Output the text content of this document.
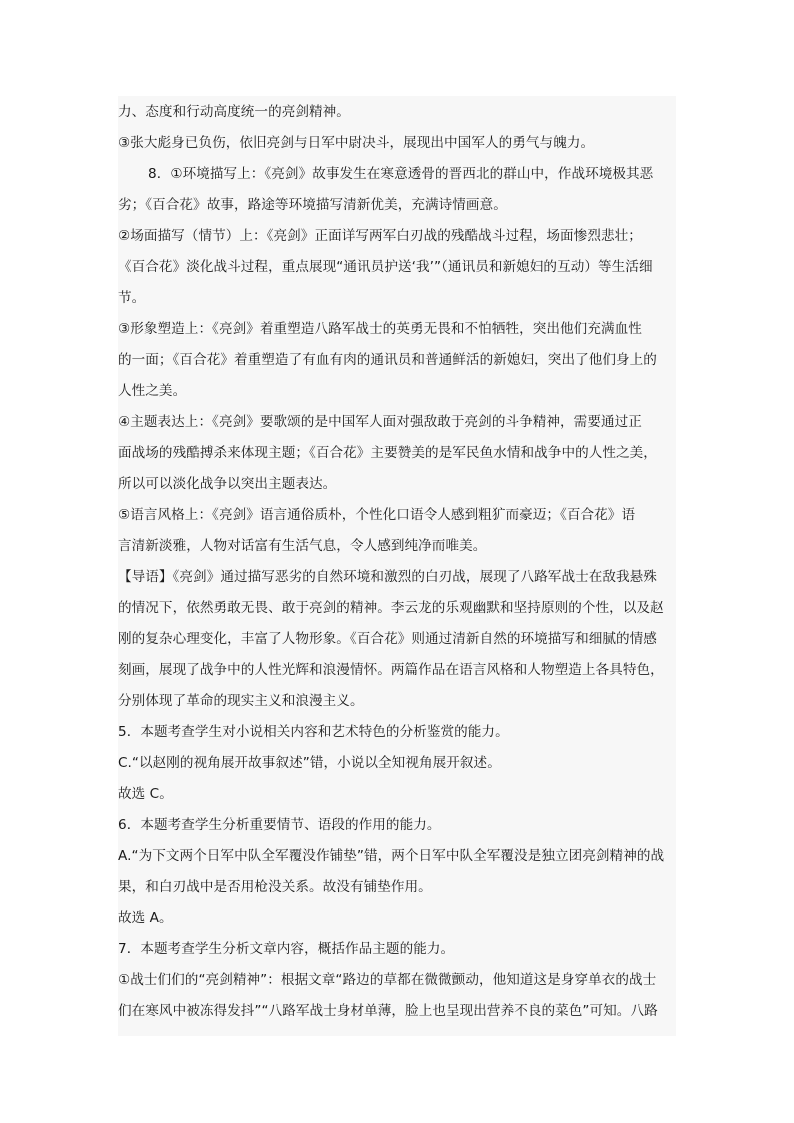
力、态度和行动高度统一的亮剑精神。
③张大彪身已负伤，依旧亮剑与日军中尉决斗，展现出中国军人的勇气与魄力。
8．①环境描写上：《亮剑》故事发生在寒意透骨的晋西北的群山中，作战环境极其恶
劣；《百合花》故事，路途等环境描写清新优美，充满诗情画意。
②场面描写（情节）上：《亮剑》正面详写两军白刃战的残酷战斗过程，场面惨烈悲壮；
《百合花》淡化战斗过程，重点展现“通讯员护送‘我’”（通讯员和新媳妇的互动）等生活细
节。
③形象塑造上：《亮剑》着重塑造八路军战士的英勇无畏和不怕牺牲，突出他们充满血性
的一面；《百合花》着重塑造了有血有肉的通讯员和普通鲜活的新媳妇，突出了他们身上的
人性之美。
④主题表达上：《亮剑》要歌颂的是中国军人面对强敌敢于亮剑的斗争精神，需要通过正
面战场的残酷搏杀来体现主题；《百合花》主要赞美的是军民鱼水情和战争中的人性之美，
所以可以淡化战争以突出主题表达。
⑤语言风格上：《亮剑》语言通俗质朴，个性化口语令人感到粗犷而豪迈；《百合花》语
言清新淡雅，人物对话富有生活气息，令人感到纯净而唯美。
【导语】《亮剑》通过描写恶劣的自然环境和激烈的白刃战，展现了八路军战士在敌我悬殊
的情况下，依然勇敢无畏、敢于亮剑的精神。李云龙的乐观幽默和坚持原则的个性，以及赵
刚的复杂心理变化，丰富了人物形象。《百合花》则通过清新自然的环境描写和细腻的情感
刻画，展现了战争中的人性光辉和浪漫情怀。两篇作品在语言风格和人物塑造上各具特色，
分别体现了革命的现实主义和浪漫主义。
5．本题考查学生对小说相关内容和艺术特色的分析鉴赏的能力。
C.“以赵刚的视角展开故事叙述”错，小说以全知视角展开叙述。
故选 C。
6．本题考查学生分析重要情节、语段的作用的能力。
A.“为下文两个日军中队全军覆没作铺垫”错，两个日军中队全军覆没是独立团亮剑精神的战
果，和白刃战中是否用枪没关系。故没有铺垫作用。
故选 A。
7．本题考查学生分析文章内容，概括作品主题的能力。
①战士们们的“亮剑精神”：根据文章“路边的草都在微微颤动，他知道这是身穿单衣的战士
们在寒风中被冻得发抖”“八路军战士身材单薄，脸上也呈现出营养不良的菜色”可知。八路
